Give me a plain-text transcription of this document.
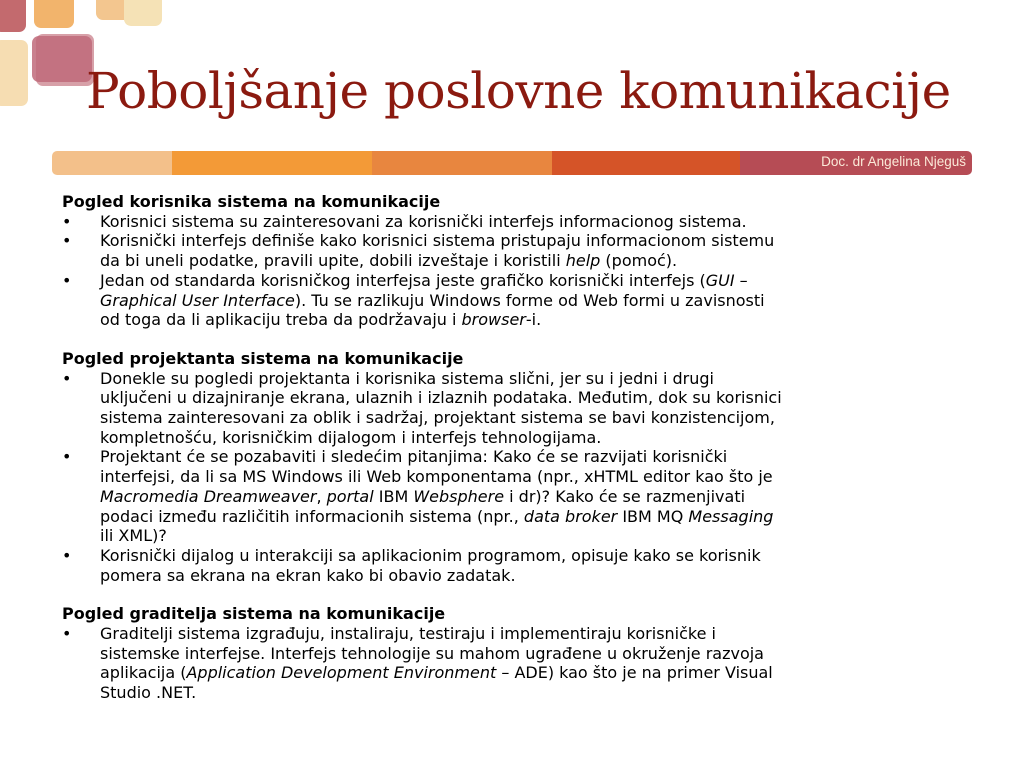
Poboljšanje poslovne komunikacije
Doc. dr Angelina Njeguš
Pogled korisnika sistema na komunikacije
• Korisnici sistema su zainteresovani za korisnički interfejs informacionog sistema.
• Korisnički interfejs definiše kako korisnici sistema pristupaju informacionom sistemu
da bi uneli podatke, pravili upite, dobili izveštaje i koristili help (pomoć).
• Jedan od standarda korisničkog interfejsa jeste grafičko korisnički interfejs (GUI –
Graphical User Interface). Tu se razlikuju Windows forme od Web formi u zavisnosti
od toga da li aplikaciju treba da podržavaju i browser-i.
Pogled projektanta sistema na komunikacije
• Donekle su pogledi projektanta i korisnika sistema slični, jer su i jedni i drugi
uključeni u dizajniranje ekrana, ulaznih i izlaznih podataka. Međutim, dok su korisnici
sistema zainteresovani za oblik i sadržaj, projektant sistema se bavi konzistencijom,
kompletnošću, korisničkim dijalogom i interfejs tehnologijama.
• Projektant će se pozabaviti i sledećim pitanjima: Kako će se razvijati korisnički
interfejsi, da li sa MS Windows ili Web komponentama (npr., xHTML editor kao što je
Macromedia Dreamweaver, portal IBM Websphere i dr)? Kako će se razmenjivati
podaci između različitih informacionih sistema (npr., data broker IBM MQ Messaging
ili XML)?
• Korisnički dijalog u interakciji sa aplikacionim programom, opisuje kako se korisnik
pomera sa ekrana na ekran kako bi obavio zadatak.
Pogled graditelja sistema na komunikacije
• Graditelji sistema izgrađuju, instaliraju, testiraju i implementiraju korisničke i
sistemske interfejse. Interfejs tehnologije su mahom ugrađene u okruženje razvoja
aplikacija (Application Development Environment – ADE) kao što je na primer Visual
Studio .NET.
